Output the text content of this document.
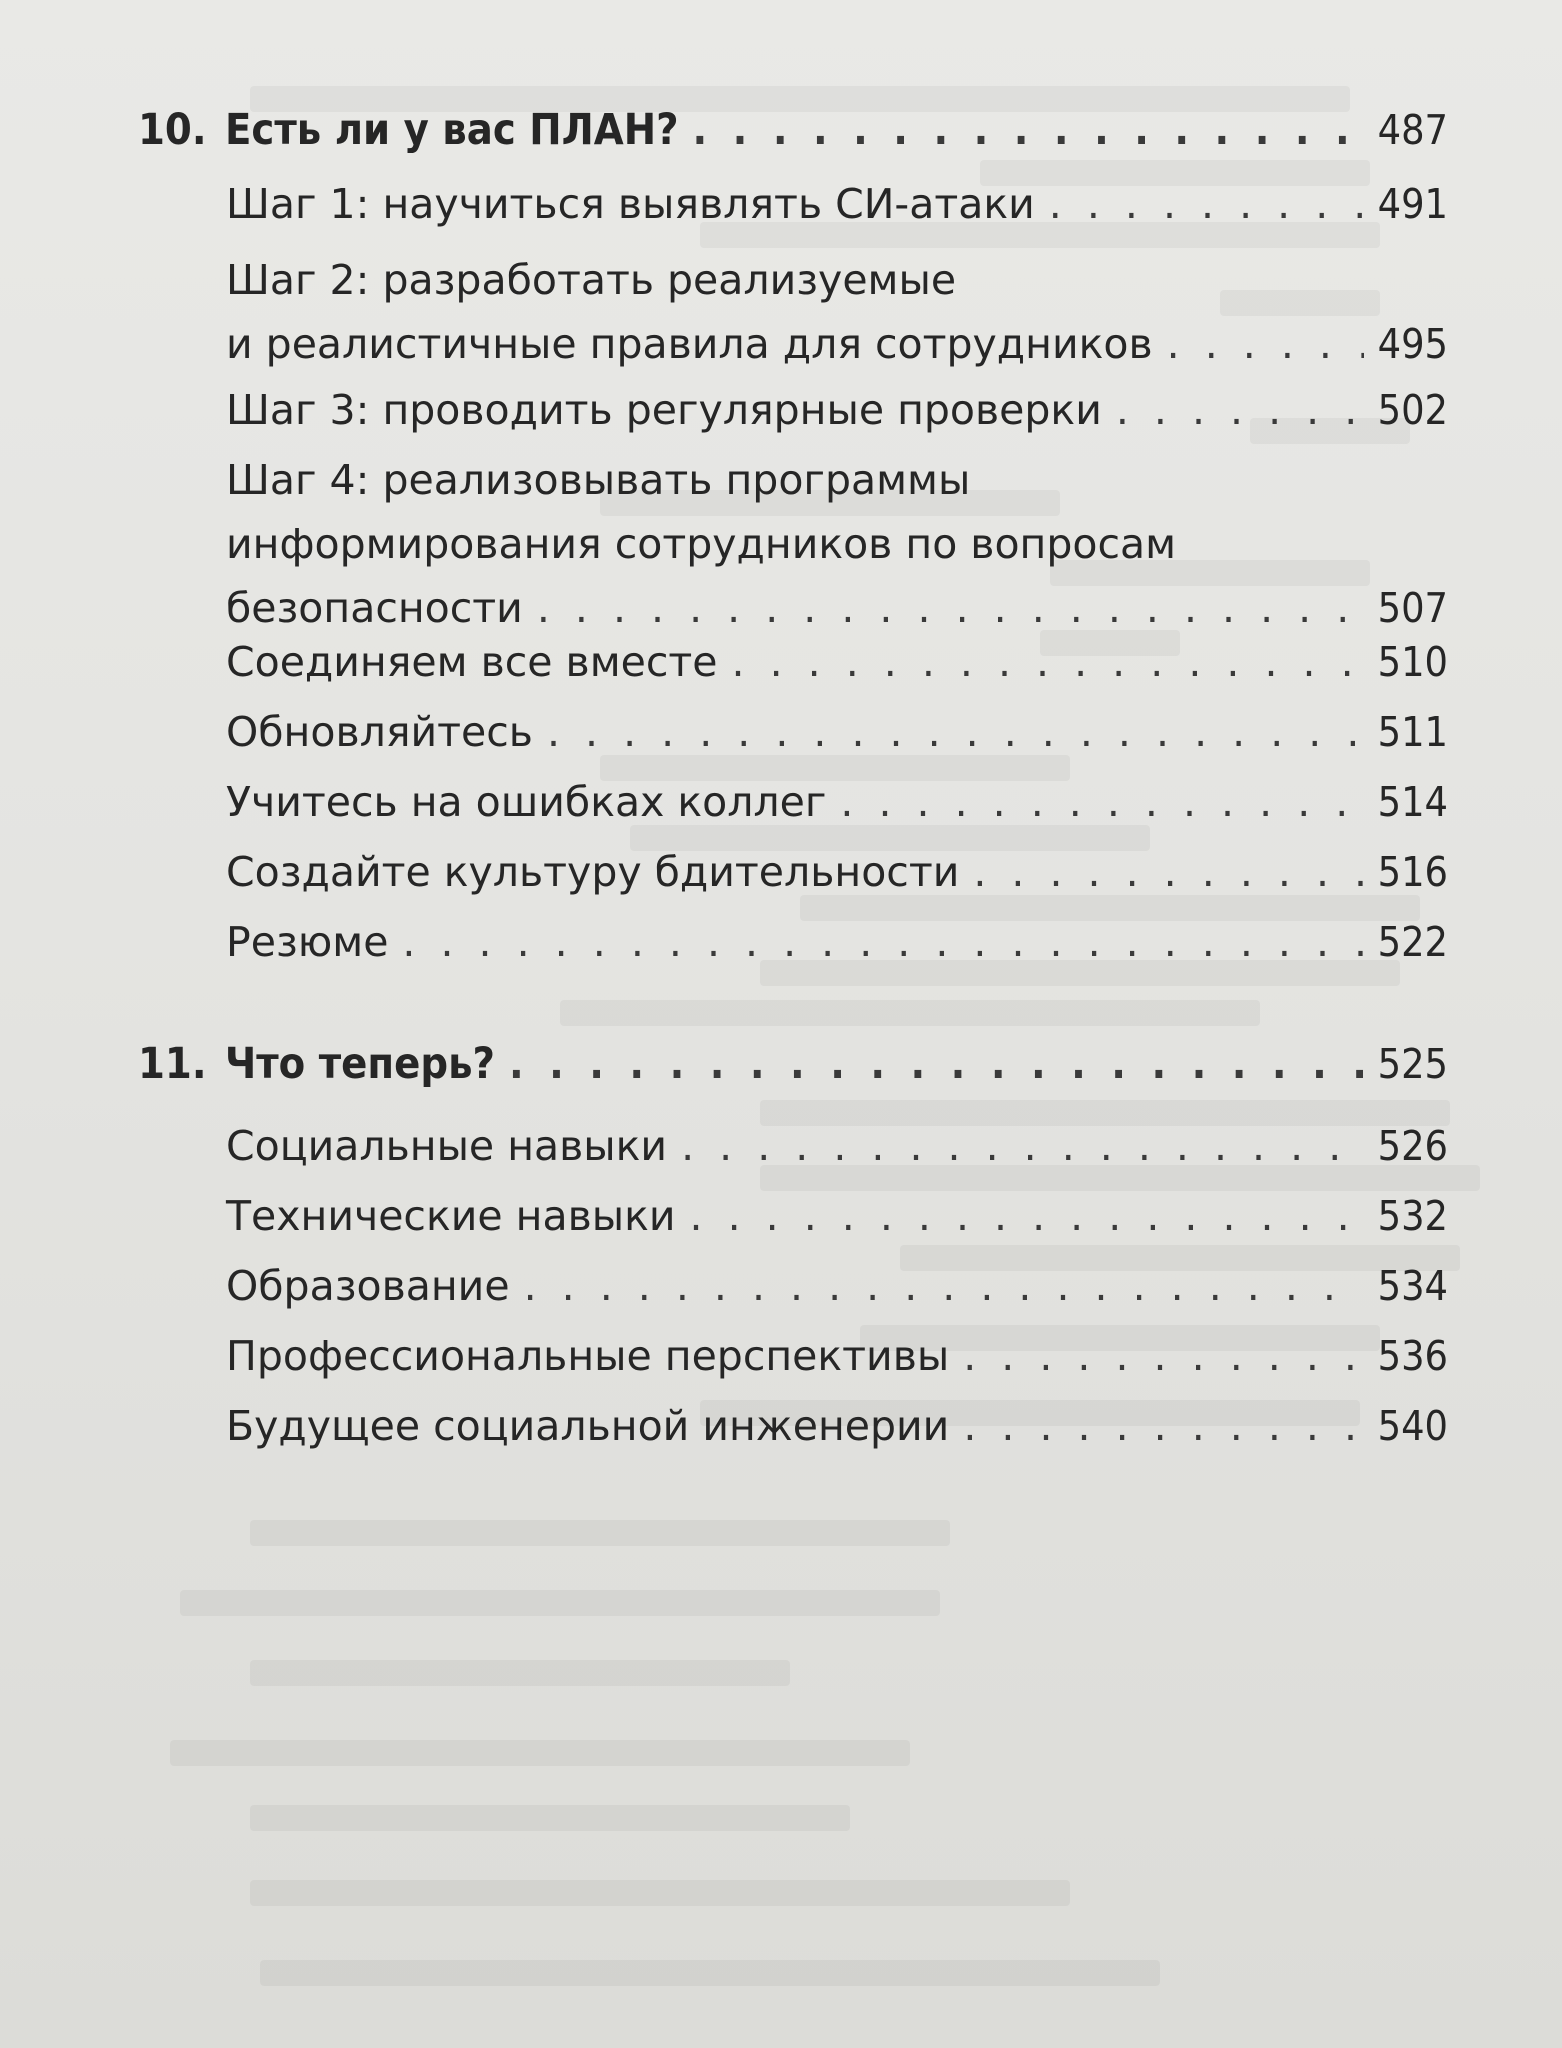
10. Есть ли у вас ПЛАН? . . .	487
Шаг 1: научиться выявлять СИ-атаки . . .	491
Шаг 2: разработать реализуемые
и реалистичные правила для сотрудников . . .	495
Шаг 3: проводить регулярные проверки . . .	502
Шаг 4: реализовывать программы
информирования сотрудников по вопросам
безопасности . . .	507
Соединяем все вместе . . .	510
Обновляйтесь . . .	511
Учитесь на ошибках коллег . . .	514
Создайте культуру бдительности . . .	516
Резюме . . .	522
11. Что теперь? . . .	525
Социальные навыки . . .	526
Технические навыки . . .	532
Образование . . .	534
Профессиональные перспективы . . .	536
Будущее социальной инженерии . . .	540
